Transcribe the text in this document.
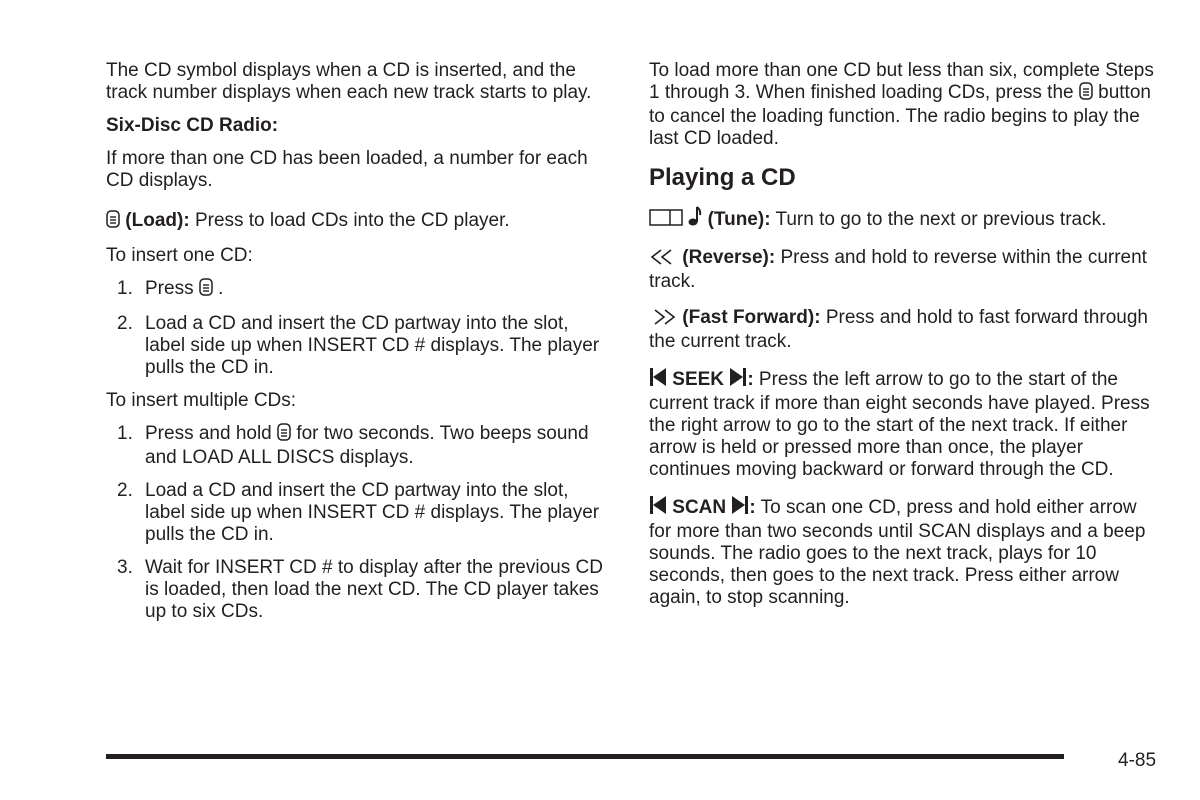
The CD symbol displays when a CD is inserted, and the track number displays when each new track starts to play.

Six-Disc CD Radio:

If more than one CD has been loaded, a number for each CD displays.

(Load): Press to load CDs into the CD player.

To insert one CD:

1. Press .
2. Load a CD and insert the CD partway into the slot, label side up when INSERT CD # displays. The player pulls the CD in.

To insert multiple CDs:

1. Press and hold for two seconds. Two beeps sound and LOAD ALL DISCS displays.
2. Load a CD and insert the CD partway into the slot, label side up when INSERT CD # displays. The player pulls the CD in.
3. Wait for INSERT CD # to display after the previous CD is loaded, then load the next CD. The CD player takes up to six CDs.

To load more than one CD but less than six, complete Steps 1 through 3. When finished loading CDs, press the button to cancel the loading function. The radio begins to play the last CD loaded.

Playing a CD

(Tune): Turn to go to the next or previous track.

(Reverse): Press and hold to reverse within the current track.

(Fast Forward): Press and hold to fast forward through the current track.

SEEK : Press the left arrow to go to the start of the current track if more than eight seconds have played. Press the right arrow to go to the start of the next track. If either arrow is held or pressed more than once, the player continues moving backward or forward through the CD.

SCAN : To scan one CD, press and hold either arrow for more than two seconds until SCAN displays and a beep sounds. The radio goes to the next track, plays for 10 seconds, then goes to the next track. Press either arrow again, to stop scanning.

4-85
